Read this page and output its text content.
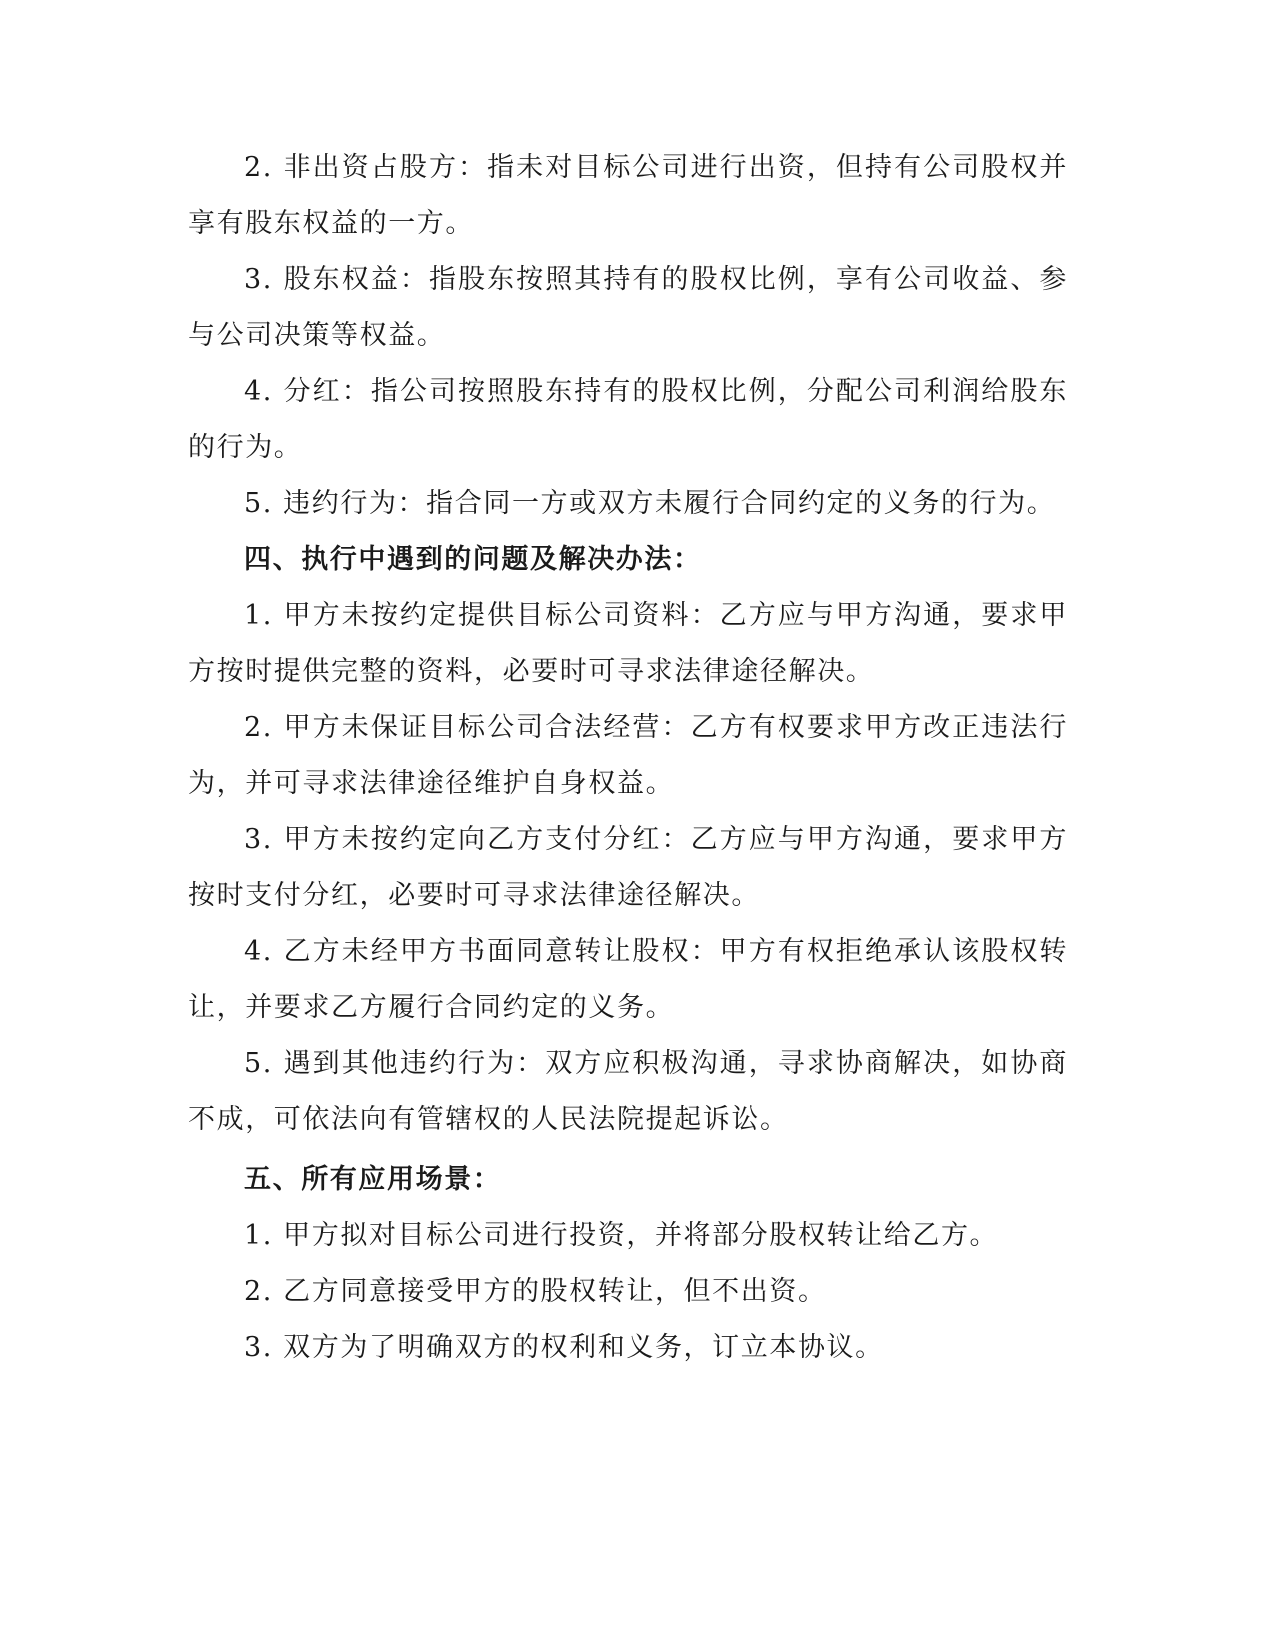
2. 非出资占股方：指未对目标公司进行出资，但持有公司股权并享有股东权益的一方。

3. 股东权益：指股东按照其持有的股权比例，享有公司收益、参与公司决策等权益。

4. 分红：指公司按照股东持有的股权比例，分配公司利润给股东的行为。

5. 违约行为：指合同一方或双方未履行合同约定的义务的行为。

四、执行中遇到的问题及解决办法：

1. 甲方未按约定提供目标公司资料：乙方应与甲方沟通，要求甲方按时提供完整的资料，必要时可寻求法律途径解决。

2. 甲方未保证目标公司合法经营：乙方有权要求甲方改正违法行为，并可寻求法律途径维护自身权益。

3. 甲方未按约定向乙方支付分红：乙方应与甲方沟通，要求甲方按时支付分红，必要时可寻求法律途径解决。

4. 乙方未经甲方书面同意转让股权：甲方有权拒绝承认该股权转让，并要求乙方履行合同约定的义务。

5. 遇到其他违约行为：双方应积极沟通，寻求协商解决，如协商不成，可依法向有管辖权的人民法院提起诉讼。

五、所有应用场景：

1. 甲方拟对目标公司进行投资，并将部分股权转让给乙方。

2. 乙方同意接受甲方的股权转让，但不出资。

3. 双方为了明确双方的权利和义务，订立本协议。
